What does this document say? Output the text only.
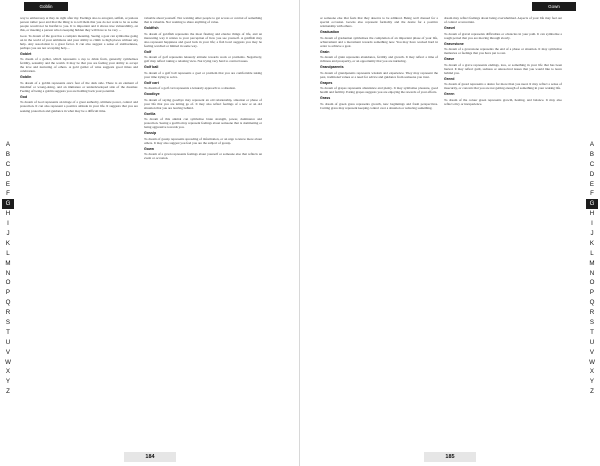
Goblin

way to embarrassy at they do right after my. Feelings also to arrogant, selfish, or jealous person rather poor and that the thing is to tell them that you do not want to be as some people would not be hurtful to you. It is important and it shows true vulnerability, on this, or meeting a person who is keeping hidden they will have to be very ...

Goat. To dream of the goat has a complex meaning. Seeing a goat can symbolise going on in the world of your ambitions and your ability to climb to high places without any help. Any association is a great factor. It can also suggest a sense of stubbornness, perhaps you are not accepting help ...

Goblet

To dream of a goblet, which represents a cup to drink from, generally symbolises fertility, sexuality and the womb. It may be that you are feeling your ability to accept the love and nurturing of others. A gold goblet of wine suggests good times and celebration.

Goblin

To dream of a goblin represents one's fear of the dark side. There is an element of mischief or wrong-doing, and an immature or underdeveloped side of the dreamer. Feeling of being a goblin suggests you are holding back your potential.

God

To dream of God represents an image of a great authority, ultimate power, control and protection. It can also represent a positive attitude in your life. It suggests that you are seeking protection and guidance in what may be a difficult time.

valuable about yourself. Not wanting other people to get access or control of something that is valuable. Not wanting to share anything of value.

Goldfish

To dream of goldfish represents the most fleeting and elusive things of life, and an interesting way it relates to your perception of how you see yourself. A goldfish may also represent happiness and good luck in your life; a fish bowl suggests you may be feeling watched or limited in some way.

Golf

To dream of golf represents leisurely attitude towards work or problems. Negatively, golf may reflect taking a relaxing view. Not trying very hard to control issues.

Golf ball

To dream of a golf ball represents a goal or problem that you are comfortable taking your time trying to solve.

Golf cart

To dream of a golf cart represents a leisurely approach to a situation.

Goodbye

To dream of saying goodbye may represent an old relationship, situation or phase of your life that you are letting go of. It may also reflect feelings of a new or an old situation that you are leaving behind.

Gorilla

To dream of this animal can symbolise brute strength, power, dominance and protection. Seeing a gorilla may represent feelings about someone that is dominating or being aggressive towards you.

Gossip

To dream of gossip represents spreading of information, or an urge to know more about others. It may also suggest you feel you are the subject of gossip.

Gown

To dream of a gown represents feelings about yourself or someone else that reflects an event or occasion.

A
B
C
D
E
F
G
H
I
J
K
L
M
N
O
P
Q
R
S
T
U
V
W
X
Y
Z
184
Gown

or someone else that feels that they deserve to be admired. Being well dressed for a special occasion. Gowns also represent formality and the desire for a positive relationship with others.

Graduation

To dream of graduation symbolises the completion of an important phase of your life, achievement and a movement towards something new. You may have worked hard in order to achieve a goal.

Grain

To dream of grain represents abundance, fertility and growth. It may reflect a time of richness and prosperity, or an opportunity that you are nurturing.

Grandparents

To dream of grandparents represents wisdom and experience. They may represent the past, traditional values or a need for advice and guidance from someone you trust.

Grapes

To dream of grapes represents abundance and plenty. It may symbolise pleasure, good health and fertility. Eating grapes suggests you are enjoying the rewards of your efforts.

Grass

To dream of green grass represents growth, new beginnings and fresh perspectives. Cutting grass may represent keeping control over a situation or reducing something.

dream may reflect feelings about being overwhelmed. Aspects of your life may feel out of control or uncertain.

Gravel

To dream of gravel represents difficulties or obstacles in your path. It can symbolise a rough period that you are moving through slowly.

Gravestone

To dream of a gravestone represents the end of a phase or situation. It may symbolise memories or feelings that you have put to rest.

Grave

To dream of a grave represents endings, loss, or something in your life that has been buried. It may reflect guilt, sadness or unresolved issues that you would like to leave behind you.

Greed

To dream of greed represents a desire for more than you need. It may reflect a sense of insecurity, or concern that you are not getting enough of something in your waking life.

Green

To dream of the colour green represents growth, healing, and balance. It may also reflect envy or inexperience.

A
B
C
D
E
F
G
H
I
J
K
L
M
N
O
P
Q
R
S
T
U
V
W
X
Y
Z
185
